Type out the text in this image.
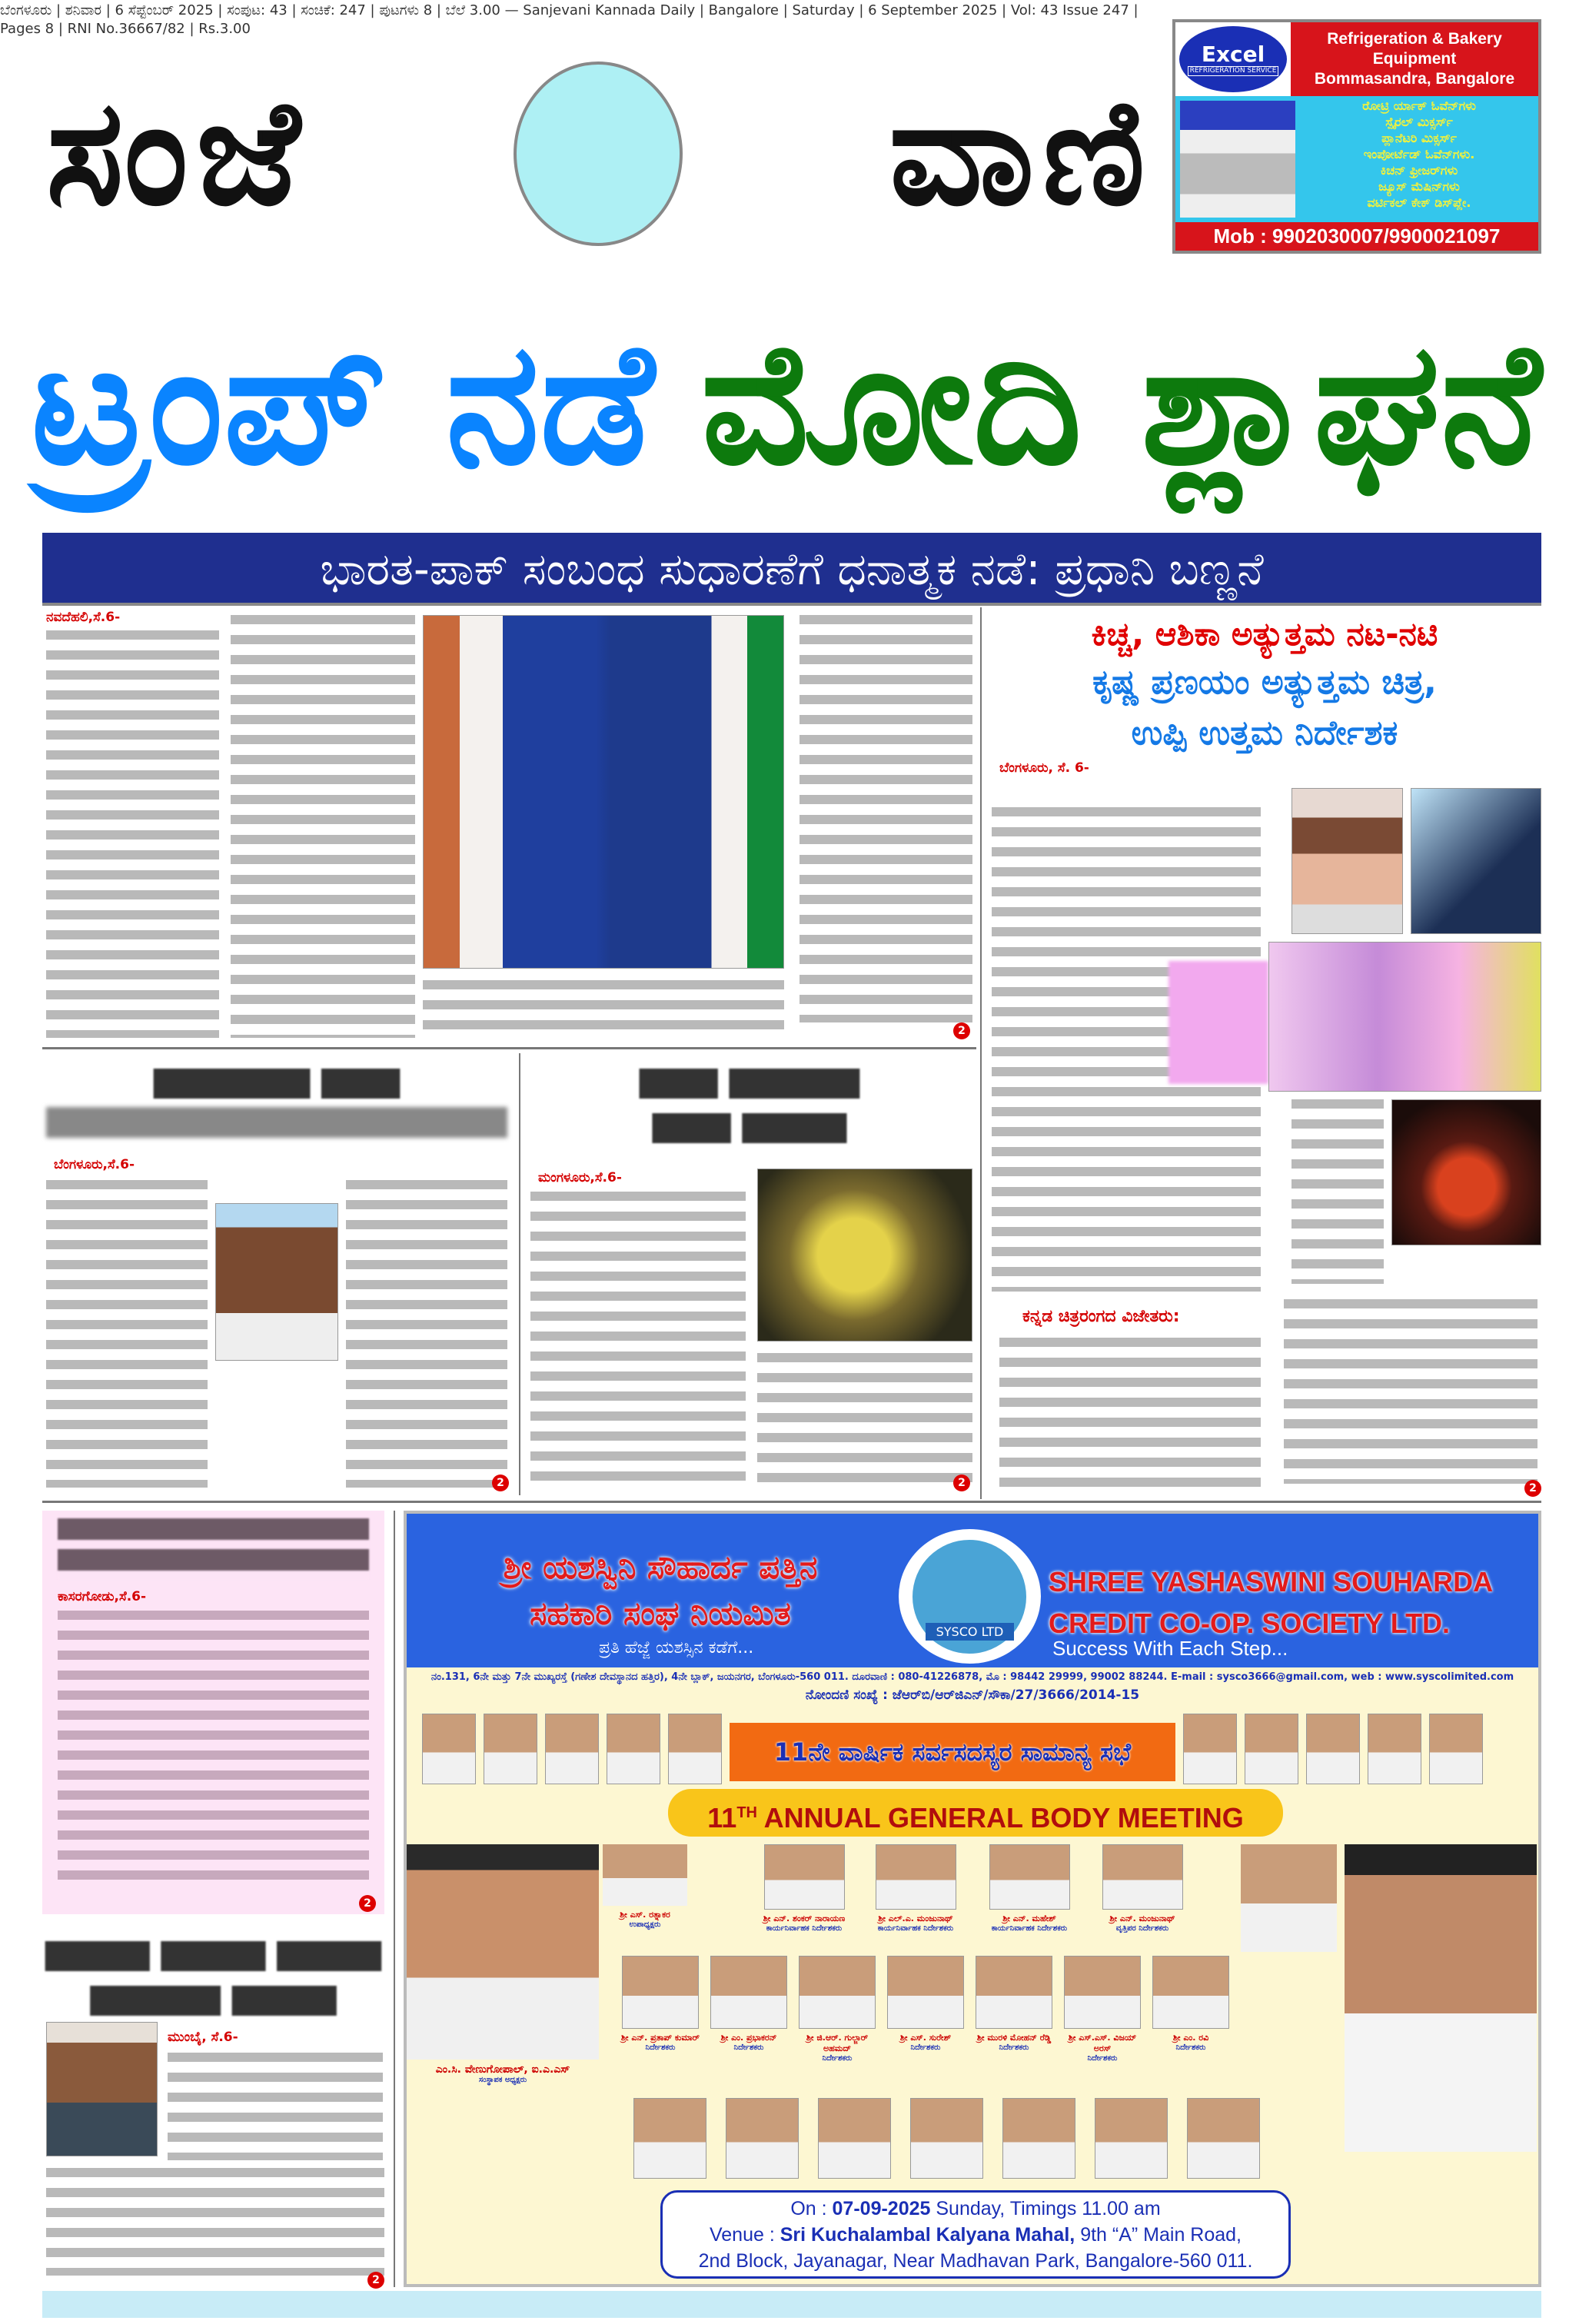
ಬೆಂಗಳೂರು | ಶನಿವಾರ | 6 ಸೆಪ್ಟೆಂಬರ್ 2025 | ಸಂಪುಟ: 43 | ಸಂಚಿಕೆ: 247 | ಪುಟಗಳು 8 | ಬೆಲೆ 3.00 — Sanjevani Kannada Daily | Bangalore | Saturday | 6 September 2025 | Vol: 43 Issue 247 | Pages 8 | RNI No.36667/82 | Rs.3.00
ಸಂಜೆ	ವಾಣಿ
Excel
REFRIGERATION SERVICE
Refrigeration & Bakery Equipment
Bommasandra, Bangalore
ರೋಟ್ರಿ ರ್ಯಾಕ್ ಓವೆನ್‌ಗಳು
ಸ್ಪೈರಲ್ ಮಿಕ್ಸರ್ಸ್
ಪ್ಲಾನೆಟರಿ ಮಿಕ್ಸರ್ಸ್
ಇಂಪೋರ್ಟೆಡ್ ಓವೆನ್‌ಗಳು.
ಕಿಚನ್ ಫ್ರೀಜರ್‌ಗಳು
ಜ್ಯೂಸ್ ಮೆಷಿನ್‌ಗಳು
ವರ್ಟಿಕಲ್ ಕೇಕ್ ಡಿಸ್‌ಪ್ಲೇ.
Mob : 9902030007/9900021097
ಟ್ರಂಪ್ ನಡೆ ಮೋದಿ ಶ್ಲಾಘನೆ
ಭಾರತ-ಪಾಕ್ ಸಂಬಂಧ ಸುಧಾರಣೆಗೆ ಧನಾತ್ಮಕ ನಡೆ: ಪ್ರಧಾನಿ ಬಣ್ಣನೆ
ನವದೆಹಲಿ,ಸೆ.6-
2
ಕಿಚ್ಚ, ಆಶಿಕಾ ಅತ್ಯುತ್ತಮ ನಟ-ನಟಿ
ಕೃಷ್ಣ ಪ್ರಣಯಂ ಅತ್ಯುತ್ತಮ ಚಿತ್ರ,
ಉಪ್ಪಿ ಉತ್ತಮ ನಿರ್ದೇಶಕ
ಬೆಂಗಳೂರು, ಸೆ. 6-
ಕನ್ನಡ ಚಿತ್ರರಂಗದ ವಿಜೇತರು:
2
▆▆▆▆▆▆ ▆▆▆
ಬೆಂಗಳೂರು,ಸೆ.6-
2
▆▆▆ ▆▆▆▆▆
▆▆▆ ▆▆▆▆
ಮಂಗಳೂರು,ಸೆ.6-
2
ಕಾಸರಗೋಡು,ಸೆ.6-
2
▆▆▆▆ ▆▆▆▆ ▆▆▆▆
▆▆▆▆▆ ▆▆▆▆
ಮುಂಬೈ, ಸೆ.6-
2
ಶ್ರೀ ಯಶಸ್ವಿನಿ ಸೌಹಾರ್ದ ಪತ್ತಿನ
ಸಹಕಾರಿ ಸಂಘ ನಿಯಮಿತ
ಪ್ರತಿ ಹೆಜ್ಜೆ ಯಶಸ್ಸಿನ ಕಡೆಗೆ...
SYSCO LTD
SHREE YASHASWINI SOUHARDA
CREDIT CO-OP. SOCIETY LTD.
Success With Each Step...
ನಂ.131, 6ನೇ ಮತ್ತು 7ನೇ ಮುಖ್ಯರಸ್ತೆ (ಗಣೇಶ ದೇವಸ್ಥಾನದ ಹತ್ತಿರ), 4ನೇ ಬ್ಲಾಕ್, ಜಯನಗರ, ಬೆಂಗಳೂರು-560 011. ದೂರವಾಣಿ : 080-41226878, ಮೊ : 98442 29999, 99002 88244. E-mail : sysco3666@gmail.com, web : www.syscolimited.com
ನೋಂದಣಿ ಸಂಖ್ಯೆ : ಜೆಆರ್‌ಬಿ/ಆರ್‌ಜಿಎನ್/ಸೌಕಾ/27/3666/2014-15
11ನೇ ವಾರ್ಷಿಕ ಸರ್ವಸದಸ್ಯರ ಸಾಮಾನ್ಯ ಸಭೆ
11TH ANNUAL GENERAL BODY MEETING
ಎಂ.ಸಿ. ವೇಣುಗೋಪಾಲ್, ಐ.ಎ.ಎಸ್
ಸಂಸ್ಥಾಪಕ ಅಧ್ಯಕ್ಷರು
ಶ್ರೀ ಎಸ್. ರತ್ನಾಕರ
ಉಪಾಧ್ಯಕ್ಷರು
ಶ್ರೀ ಎನ್. ಶಂಕರ್ ನಾರಾಯಣ
ಕಾರ್ಯನಿರ್ವಾಹಕ ನಿರ್ದೇಶಕರು
ಶ್ರೀ ಎಲ್.ಎ. ಮಂಜುನಾಥ್
ಕಾರ್ಯನಿರ್ವಾಹಕ ನಿರ್ದೇಶಕರು
ಶ್ರೀ ಎನ್. ಮಹೇಶ್
ಕಾರ್ಯನಿರ್ವಾಹಕ ನಿರ್ದೇಶಕರು
ಶ್ರೀ ಎನ್. ಮಂಜುನಾಥ್
ವೃತ್ತಿಪರ ನಿರ್ದೇಶಕರು
ಶ್ರೀ ಎನ್. ಪ್ರತಾಪ್ ಕುಮಾರ್
ನಿರ್ದೇಶಕರು
ಶ್ರೀ ಎಂ. ಪ್ರಭಾಕರನ್
ನಿರ್ದೇಶಕರು
ಶ್ರೀ ಜಿ.ಆರ್. ಗುಲ್ಜಾರ್ ಅಹಮದ್
ನಿರ್ದೇಶಕರು
ಶ್ರೀ ಎಸ್. ಸುರೇಶ್
ನಿರ್ದೇಶಕರು
ಶ್ರೀ ಮುರಳಿ ಮೋಹನ್ ರೆಡ್ಡಿ
ನಿರ್ದೇಶಕರು
ಶ್ರೀ ಎಸ್.ಎಸ್. ವಿಜಯ್ ಅರಸ್
ನಿರ್ದೇಶಕರು
ಶ್ರೀ ಎಂ. ರವಿ
ನಿರ್ದೇಶಕರು
On : 07-09-2025 Sunday, Timings 11.00 am
Venue : Sri Kuchalambal Kalyana Mahal, 9th “A” Main Road,
2nd Block, Jayanagar, Near Madhavan Park, Bangalore-560 011.
